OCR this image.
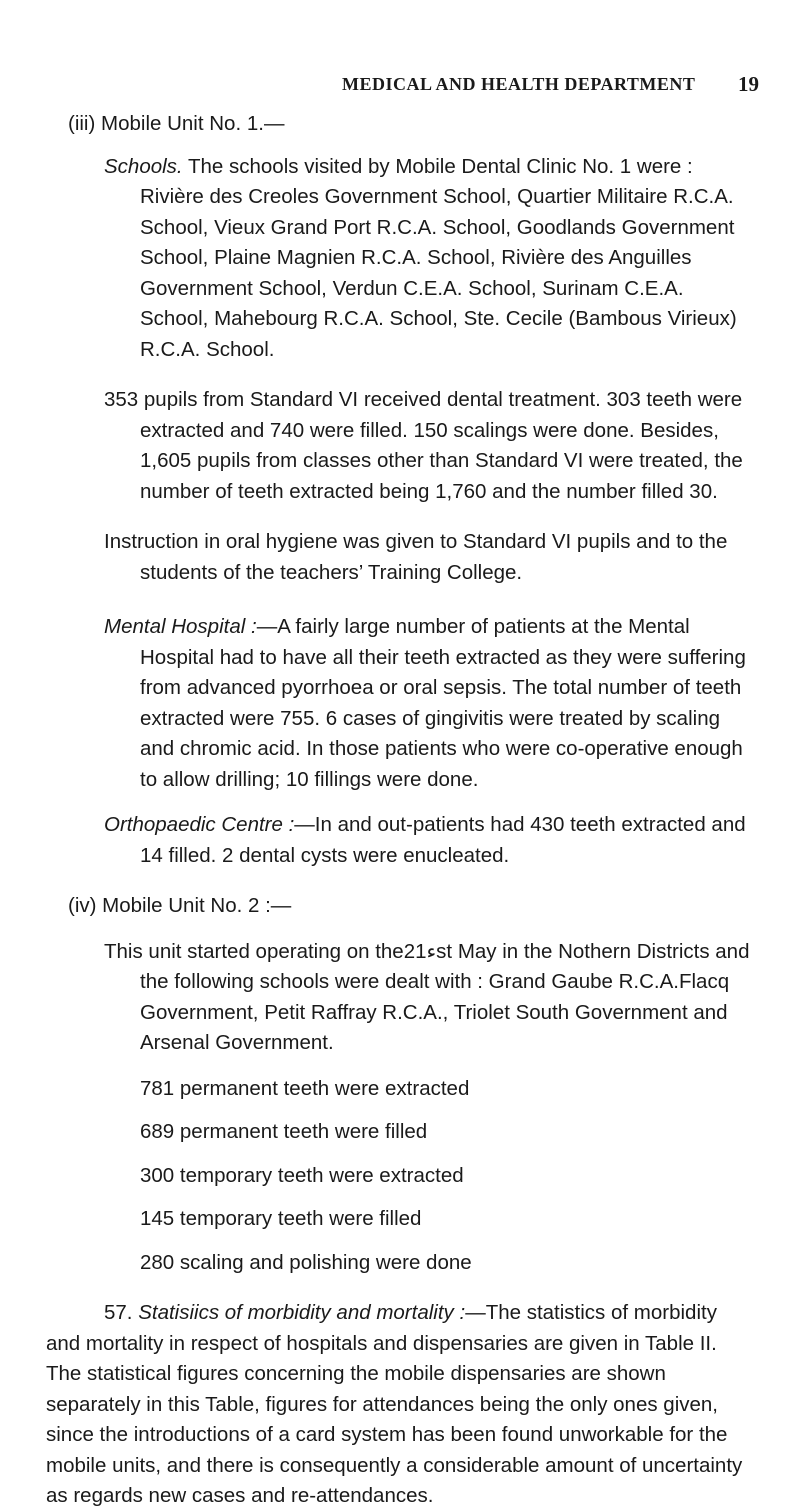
MEDICAL AND HEALTH DEPARTMENT 19

(iii) Mobile Unit No. 1.—

Schools. The schools visited by Mobile Dental Clinic No. 1 were : Rivière des Creoles Government School, Quartier Militaire R.C.A. School, Vieux Grand Port R.C.A. School, Goodlands Government School, Plaine Magnien R.C.A. School, Rivière des Anguilles Government School, Verdun C.E.A. School, Surinam C.E.A. School, Mahebourg R.C.A. School, Ste. Cecile (Bambous Virieux) R.C.A. School.

353 pupils from Standard VI received dental treatment. 303 teeth were extracted and 740 were filled. 150 scalings were done. Besides, 1,605 pupils from classes other than Standard VI were treated, the number of teeth extracted being 1,760 and the number filled 30.

Instruction in oral hygiene was given to Standard VI pupils and to the students of the teachers’ Training College.

Mental Hospital :—A fairly large number of patients at the Mental Hospital had to have all their teeth extracted as they were suffering from advanced pyorrhoea or oral sepsis. The total number of teeth extracted were 755. 6 cases of gingivitis were treated by scaling and chromic acid. In those patients who were co-operative enough to allow drilling; 10 fillings were done.

Orthopaedic Centre :—In and out-patients had 430 teeth extracted and 14 filled. 2 dental cysts were enucleated.

(iv) Mobile Unit No. 2 :—

This unit started operating on theء21st May in the Nothern Districts and the following schools were dealt with : Grand Gaube R.C.A.Flacq Government, Petit Raffray R.C.A., Triolet South Government and Arsenal Government.

781 permanent teeth were extracted

689 permanent teeth were filled

300 temporary teeth were extracted

145 temporary teeth were filled

280 scaling and polishing were done

57. Statisiics of morbidity and mortality :—The statistics of morbidity and mortality in respect of hospitals and dispensaries are given in Table II. The statistical figures concerning the mobile dispensaries are shown separately in this Table, figures for attendances being the only ones given, since the introductions of a card system has been found unworkable for the mobile units, and there is consequently a considerable amount of uncertainty as regards new cases and re-attendances.
